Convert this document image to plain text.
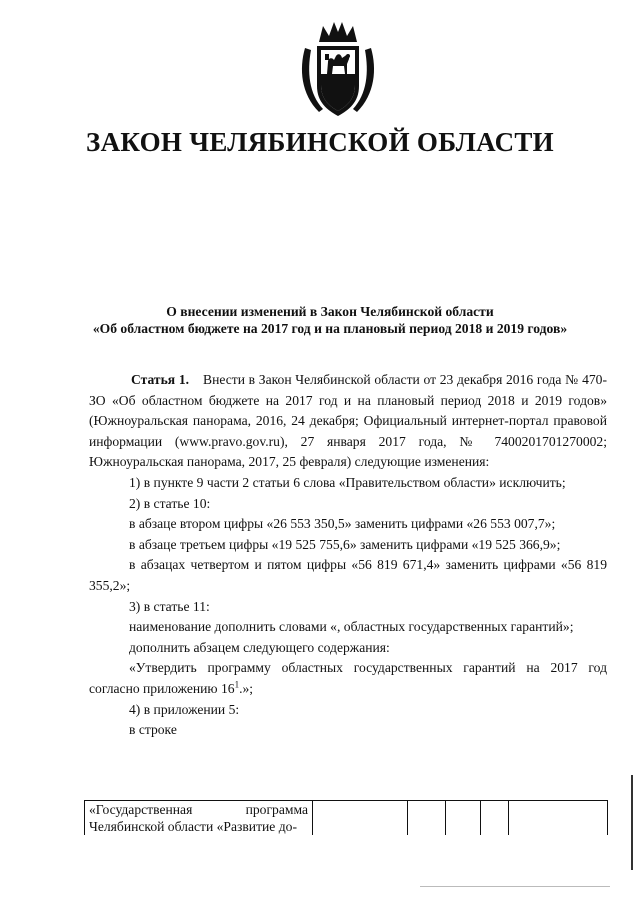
ЗАКОН ЧЕЛЯБИНСКОЙ ОБЛАСТИ
О внесении изменений в Закон Челябинской области
«Об областном бюджете на 2017 год и на плановый период 2018 и 2019 годов»

Статья 1. Внести в Закон Челябинской области от 23 декабря 2016 года № 470-ЗО «Об областном бюджете на 2017 год и на плановый период 2018 и 2019 годов» (Южноуральская панорама, 2016, 24 декабря; Официальный интернет-портал правовой информации (www.pravo.gov.ru), 27 января 2017 года, № 7400201701270002; Южноуральская панорама, 2017, 25 февраля) следующие изменения:

1) в пункте 9 части 2 статьи 6 слова «Правительством области» исключить;

2) в статье 10:

в абзаце втором цифры «26 553 350,5» заменить цифрами «26 553 007,7»;

в абзаце третьем цифры «19 525 755,6» заменить цифрами «19 525 366,9»;

в абзацах четвертом и пятом цифры «56 819 671,4» заменить цифрами «56 819 355,2»;

3) в статье 11:

наименование дополнить словами «, областных государственных гарантий»;

дополнить абзацем следующего содержания:

«Утвердить программу областных государственных гарантий на 2017 год согласно приложению $16^1$.»;

4) в приложении 5:

в строке

«Государственная программа Челябинской области «Развитие до-					
